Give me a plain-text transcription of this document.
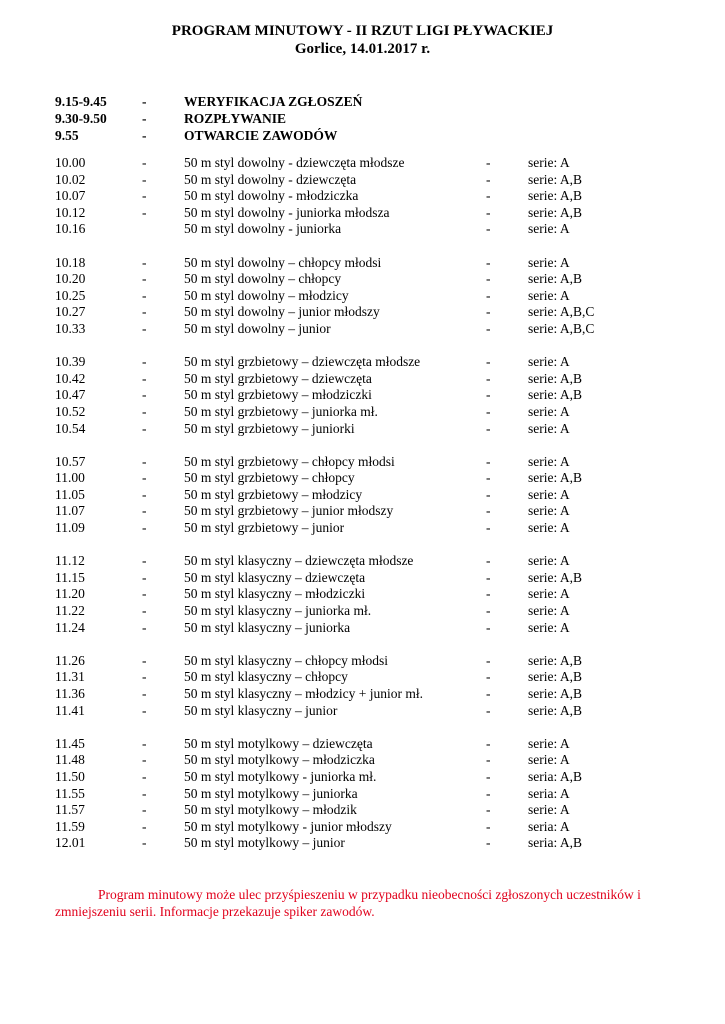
PROGRAM MINUTOWY - II RZUT LIGI PŁYWACKIEJ
Gorlice, 14.01.2017 r.
9.15-9.45	-	WERYFIKACJA ZGŁOSZEŃ
9.30-9.50	-	ROZPŁYWANIE
9.55	-	OTWARCIE ZAWODÓW
10.00	-	50 m styl dowolny - dziewczęta młodsze	-	serie: A
10.02	-	50 m styl dowolny - dziewczęta	-	serie: A,B
10.07	-	50 m styl dowolny - młodziczka	-	serie: A,B
10.12	-	50 m styl dowolny - juniorka młodsza	-	serie: A,B
10.16	50 m styl dowolny - juniorka	-	serie: A
10.18	-	50 m styl dowolny – chłopcy młodsi	-	serie: A
10.20	-	50 m styl dowolny – chłopcy	-	serie: A,B
10.25	-	50 m styl dowolny – młodzicy	-	serie: A
10.27	-	50 m styl dowolny – junior młodszy	-	serie: A,B,C
10.33	-	50 m styl dowolny – junior	-	serie: A,B,C
10.39	-	50 m styl grzbietowy – dziewczęta młodsze	-	serie: A
10.42	-	50 m styl grzbietowy – dziewczęta	-	serie: A,B
10.47	-	50 m styl grzbietowy – młodziczki	-	serie: A,B
10.52	-	50 m styl grzbietowy – juniorka mł.	-	serie: A
10.54	-	50 m styl grzbietowy – juniorki	-	serie: A
10.57	-	50 m styl grzbietowy – chłopcy młodsi	-	serie: A
11.00	-	50 m styl grzbietowy – chłopcy	-	serie: A,B
11.05	-	50 m styl grzbietowy – młodzicy	-	serie: A
11.07	-	50 m styl grzbietowy – junior młodszy	-	serie: A
11.09	-	50 m styl grzbietowy – junior	-	serie: A
11.12	-	50 m styl klasyczny – dziewczęta młodsze	-	serie: A
11.15	-	50 m styl klasyczny – dziewczęta	-	serie: A,B
11.20	-	50 m styl klasyczny – młodziczki	-	serie: A
11.22	-	50 m styl klasyczny – juniorka mł.	-	serie: A
11.24	-	50 m styl klasyczny – juniorka	-	serie: A
11.26	-	50 m styl klasyczny – chłopcy młodsi	-	serie: A,B
11.31	-	50 m styl klasyczny – chłopcy	-	serie: A,B
11.36	-	50 m styl klasyczny – młodzicy + junior mł.	-	serie: A,B
11.41	-	50 m styl klasyczny – junior	-	serie: A,B
11.45	-	50 m styl motylkowy – dziewczęta	-	serie: A
11.48	-	50 m styl motylkowy – młodziczka	-	serie: A
11.50	-	50 m styl motylkowy - juniorka mł.	-	seria: A,B
11.55	-	50 m styl motylkowy – juniorka	-	seria: A
11.57	-	50 m styl motylkowy – młodzik	-	serie: A
11.59	-	50 m styl motylkowy - junior młodszy	-	seria: A
12.01	-	50 m styl motylkowy – junior	-	seria: A,B
Program minutowy może ulec przyśpieszeniu w przypadku nieobecności zgłoszonych uczestników i zmniejszeniu serii. Informacje przekazuje spiker zawodów.
